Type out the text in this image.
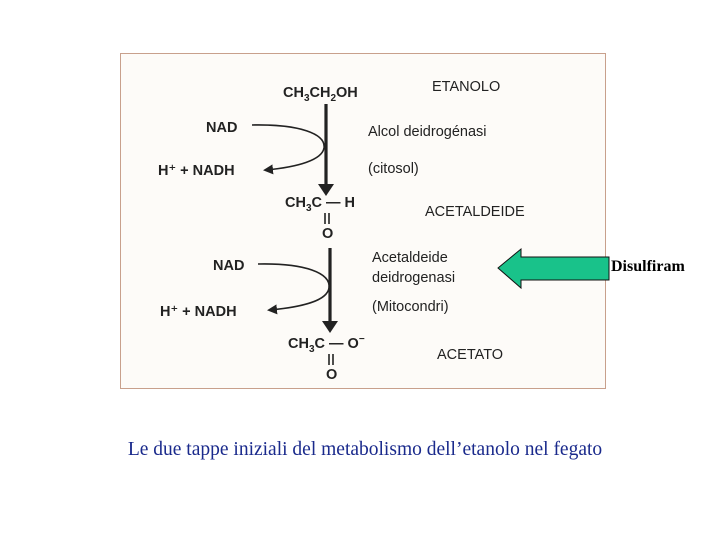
$CH_3CH_2OH$	ETANOLO
NAD
H⁺ + NADH
Alcol deidrogénasi
(citosol)
$CH_3C$ — H
O
ACETALDEIDE
NAD
H⁺ + NADH
Acetaldeide
deidrogenasi
(Mitocondri)
$CH_3C$ — O−
O
ACETATO
Disulfiram
Le due tappe iniziali del metabolismo dell’etanolo nel fegato
